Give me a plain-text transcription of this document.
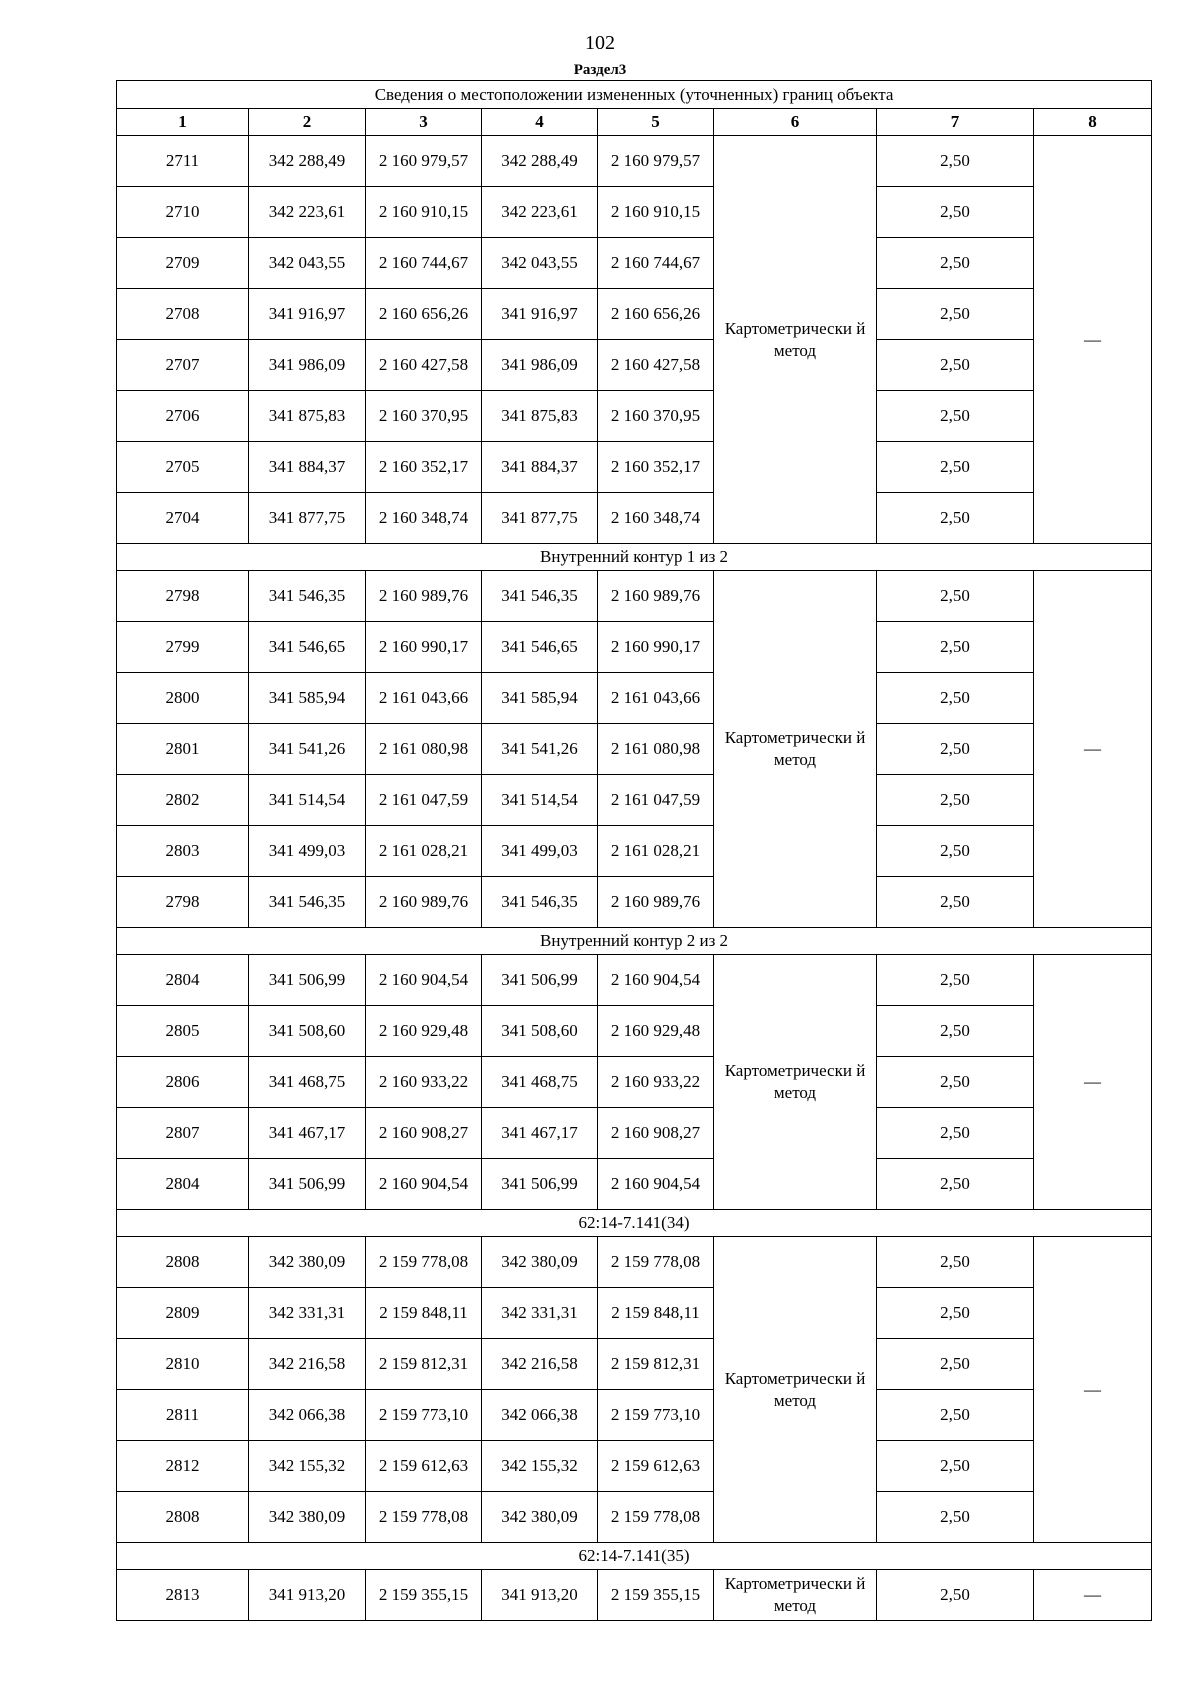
102
Раздел3
Сведения о местоположении измененных (уточненных) границ объекта							
1	2	3	4	5	6	7	8
2711	342 288,49	2 160 979,57	342 288,49	2 160 979,57	Картометрически й метод	2,50	—
2710	342 223,61	2 160 910,15	342 223,61	2 160 910,15		2,50	
2709	342 043,55	2 160 744,67	342 043,55	2 160 744,67		2,50	
2708	341 916,97	2 160 656,26	341 916,97	2 160 656,26		2,50	
2707	341 986,09	2 160 427,58	341 986,09	2 160 427,58		2,50	
2706	341 875,83	2 160 370,95	341 875,83	2 160 370,95		2,50	
2705	341 884,37	2 160 352,17	341 884,37	2 160 352,17		2,50	
2704	341 877,75	2 160 348,74	341 877,75	2 160 348,74		2,50	
Внутренний контур 1 из 2							
2798	341 546,35	2 160 989,76	341 546,35	2 160 989,76	Картометрически й метод	2,50	—
2799	341 546,65	2 160 990,17	341 546,65	2 160 990,17		2,50	
2800	341 585,94	2 161 043,66	341 585,94	2 161 043,66		2,50	
2801	341 541,26	2 161 080,98	341 541,26	2 161 080,98		2,50	
2802	341 514,54	2 161 047,59	341 514,54	2 161 047,59		2,50	
2803	341 499,03	2 161 028,21	341 499,03	2 161 028,21		2,50	
2798	341 546,35	2 160 989,76	341 546,35	2 160 989,76		2,50	
Внутренний контур 2 из 2							
2804	341 506,99	2 160 904,54	341 506,99	2 160 904,54	Картометрически й метод	2,50	—
2805	341 508,60	2 160 929,48	341 508,60	2 160 929,48		2,50	
2806	341 468,75	2 160 933,22	341 468,75	2 160 933,22		2,50	
2807	341 467,17	2 160 908,27	341 467,17	2 160 908,27		2,50	
2804	341 506,99	2 160 904,54	341 506,99	2 160 904,54		2,50	
62:14-7.141(34)							
2808	342 380,09	2 159 778,08	342 380,09	2 159 778,08	Картометрически й метод	2,50	—
2809	342 331,31	2 159 848,11	342 331,31	2 159 848,11		2,50	
2810	342 216,58	2 159 812,31	342 216,58	2 159 812,31		2,50	
2811	342 066,38	2 159 773,10	342 066,38	2 159 773,10		2,50	
2812	342 155,32	2 159 612,63	342 155,32	2 159 612,63		2,50	
2808	342 380,09	2 159 778,08	342 380,09	2 159 778,08		2,50	
62:14-7.141(35)							
2813	341 913,20	2 159 355,15	341 913,20	2 159 355,15	Картометрически й метод	2,50	—
